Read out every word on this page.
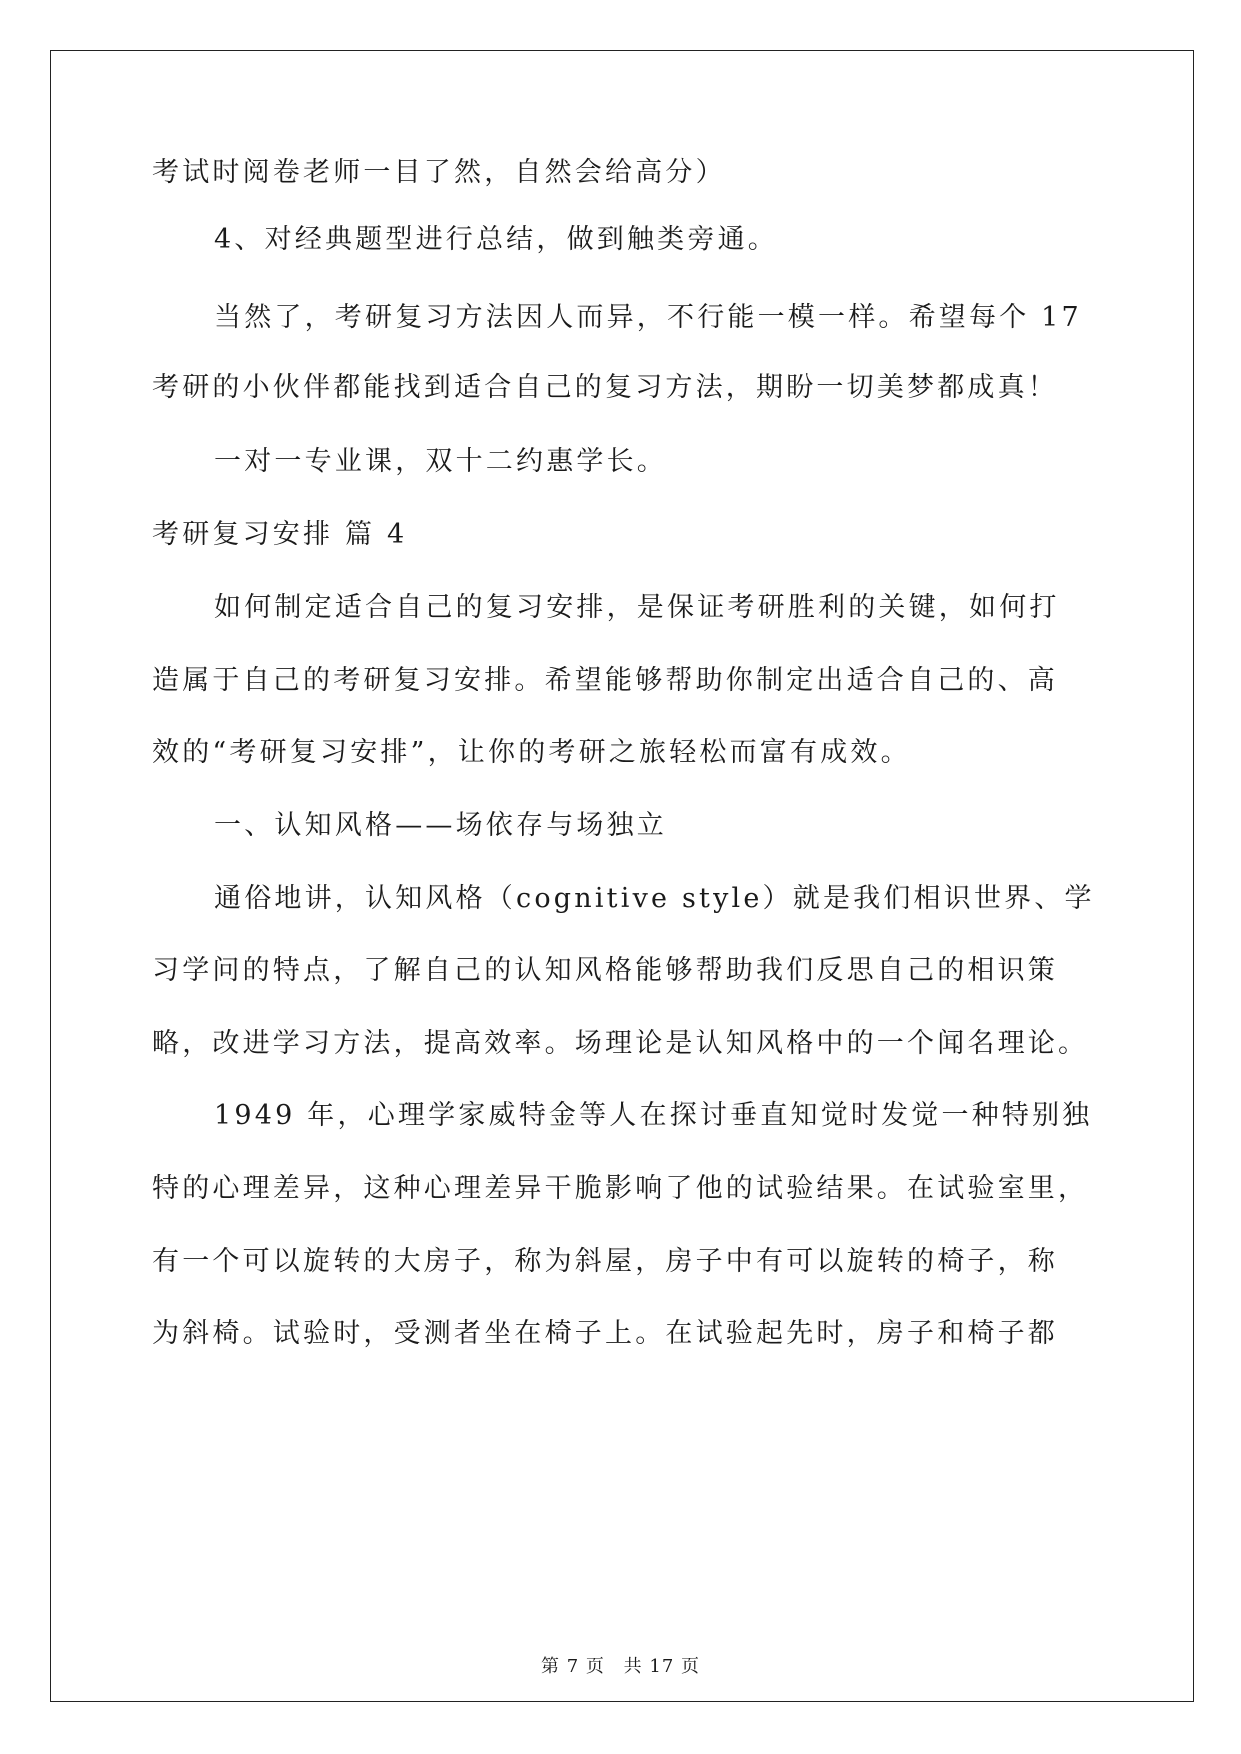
考试时阅卷老师一目了然，自然会给高分）
4、对经典题型进行总结，做到触类旁通。
当然了，考研复习方法因人而异，不行能一模一样。希望每个 17
考研的小伙伴都能找到适合自己的复习方法，期盼一切美梦都成真！
一对一专业课，双十二约惠学长。
考研复习安排 篇 4
如何制定适合自己的复习安排，是保证考研胜利的关键，如何打
造属于自己的考研复习安排。希望能够帮助你制定出适合自己的、高
效的“考研复习安排”，让你的考研之旅轻松而富有成效。
一、认知风格——场依存与场独立
通俗地讲，认知风格（cognitive style）就是我们相识世界、学
习学问的特点，了解自己的认知风格能够帮助我们反思自己的相识策
略，改进学习方法，提高效率。场理论是认知风格中的一个闻名理论。
1949 年，心理学家威特金等人在探讨垂直知觉时发觉一种特别独
特的心理差异，这种心理差异干脆影响了他的试验结果。在试验室里，
有一个可以旋转的大房子，称为斜屋，房子中有可以旋转的椅子，称
为斜椅。试验时，受测者坐在椅子上。在试验起先时，房子和椅子都
第 7 页 共 17 页
